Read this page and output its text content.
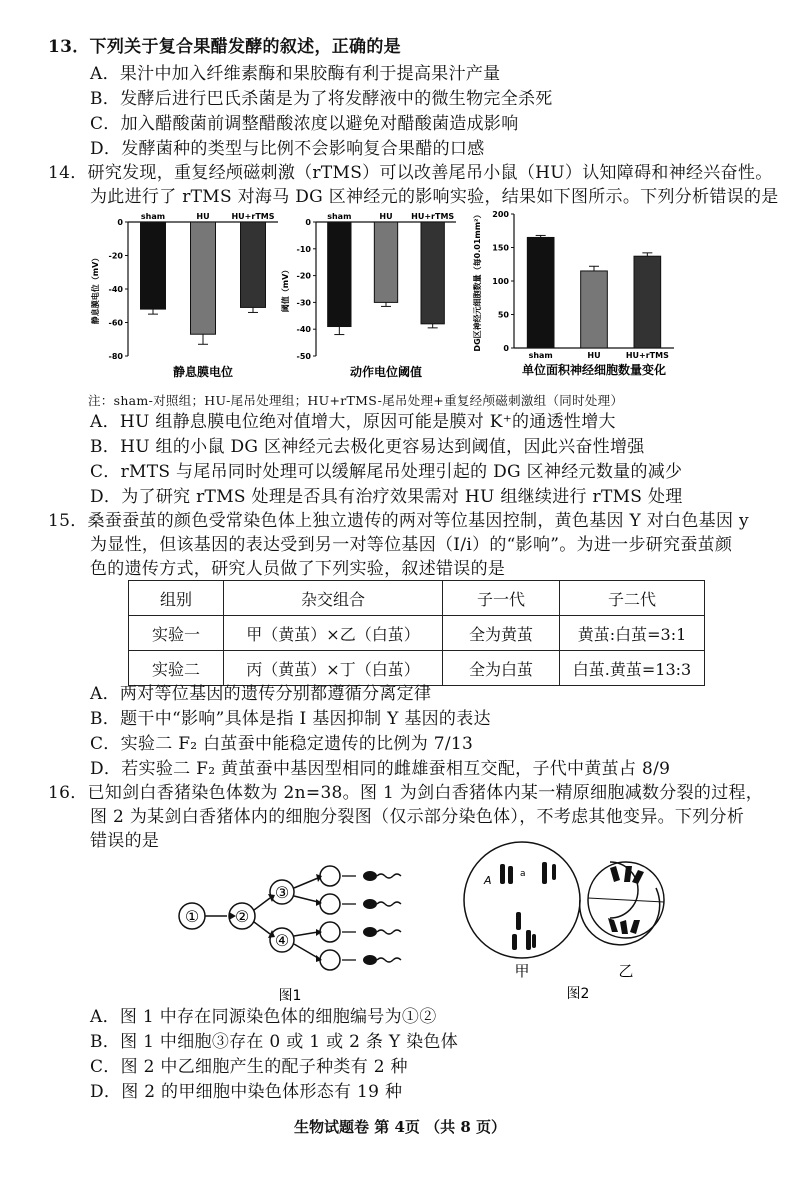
13．下列关于复合果醋发酵的叙述，正确的是
A．果汁中加入纤维素酶和果胶酶有利于提高果汁产量
B．发酵后进行巴氏杀菌是为了将发酵液中的微生物完全杀死
C．加入醋酸菌前调整醋酸浓度以避免对醋酸菌造成影响
D．发酵菌种的类型与比例不会影响复合果醋的口感
14．研究发现，重复经颅磁刺激（rTMS）可以改善尾吊小鼠（HU）认知障碍和神经兴奋性。
为此进行了 rTMS 对海马 DG 区神经元的影响实验，结果如下图所示。下列分析错误的是
0
-20
-40
-60
-80
静息膜电位（mV）
sham	HU	HU+rTMS
静息膜电位
0
-10
-20
-30
-40
-50
阈值（mV）
sham	HU HU+rTMS
动作电位阈值
0
50
100
150
200
DG区神经元细胞数量（每0.01mm²）
sham	HU	HU+rTMS
单位面积神经细胞数量变化
注：sham-对照组；HU-尾吊处理组；HU+rTMS-尾吊处理+重复经颅磁刺激组（同时处理）
A．HU 组静息膜电位绝对值增大，原因可能是膜对 K⁺的通透性增大
B．HU 组的小鼠 DG 区神经元去极化更容易达到阈值，因此兴奋性增强
C．rMTS 与尾吊同时处理可以缓解尾吊处理引起的 DG 区神经元数量的减少
D．为了研究 rTMS 处理是否具有治疗效果需对 HU 组继续进行 rTMS 处理
15．桑蚕蚕茧的颜色受常染色体上独立遗传的两对等位基因控制，黄色基因 Y 对白色基因 y
为显性，但该基因的表达受到另一对等位基因（I/i）的“影响”。为进一步研究蚕茧颜
色的遗传方式，研究人员做了下列实验，叙述错误的是
组别	杂交组合	子一代	子二代
实验一	甲（黄茧）×乙（白茧）	全为黄茧	黄茧:白茧=3:1
实验二	丙（黄茧）×丁（白茧）	全为白茧	白茧.黄茧=13:3
A．两对等位基因的遗传分别都遵循分离定律
B．题干中“影响”具体是指 I 基因抑制 Y 基因的表达
C．实验二 F₂ 白茧蚕中能稳定遗传的比例为 7/13
D．若实验二 F₂ 黄茧蚕中基因型相同的雌雄蚕相互交配，子代中黄茧占 8/9
16．已知剑白香猪染色体数为 2n=38。图 1 为剑白香猪体内某一精原细胞减数分裂的过程，
图 2 为某剑白香猪体内的细胞分裂图（仅示部分染色体），不考虑其他变异。下列分析
错误的是
① ②
③
④
图1
A	a
甲	乙
图2
A．图 1 中存在同源染色体的细胞编号为①②
B．图 1 中细胞③存在 0 或 1 或 2 条 Y 染色体
C．图 2 中乙细胞产生的配子种类有 2 种
D．图 2 的甲细胞中染色体形态有 19 种
生物试题卷 第 4页 （共 8 页）
